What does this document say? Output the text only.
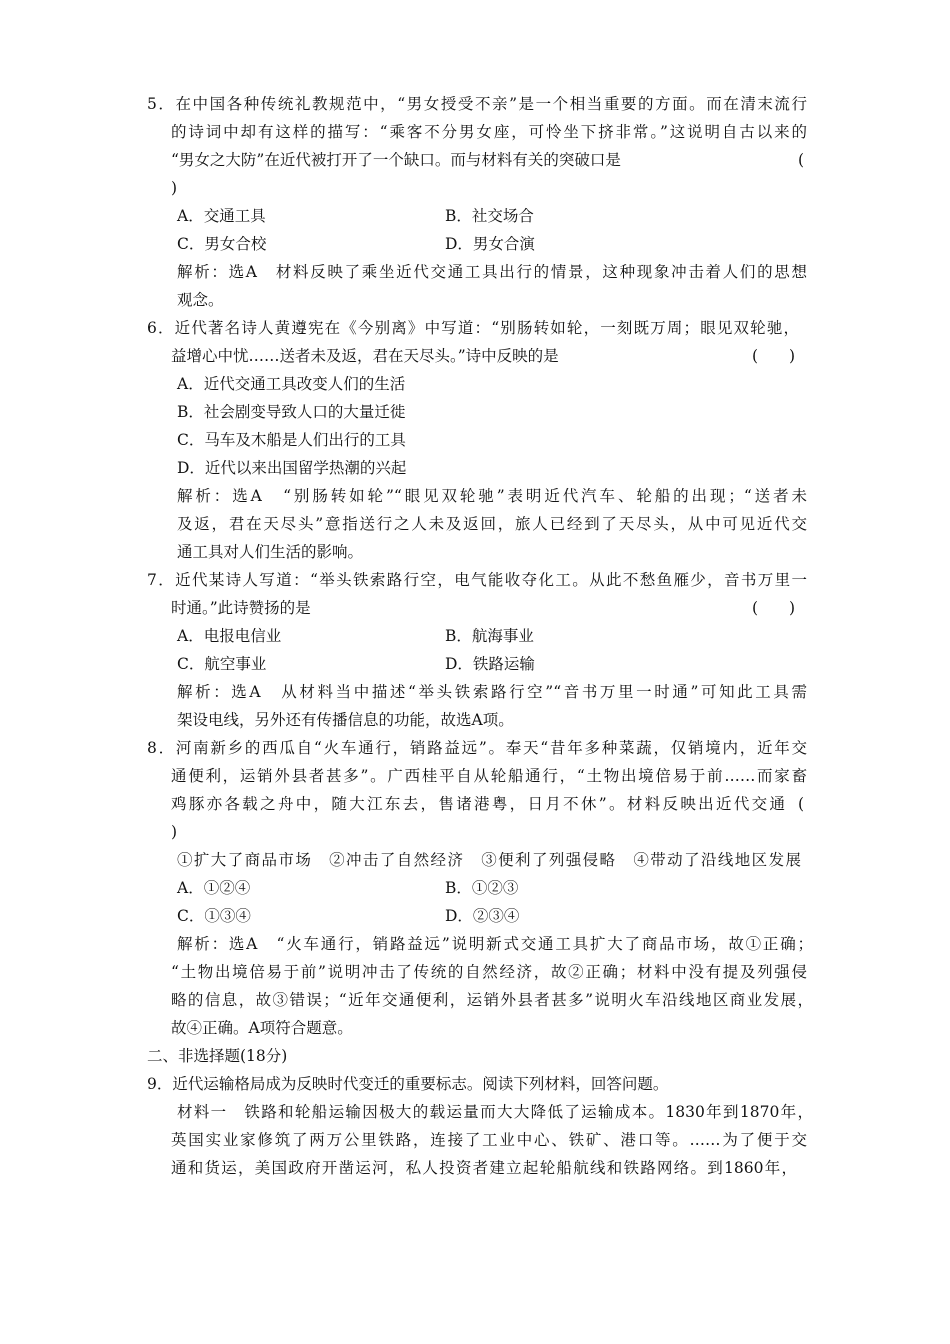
5．在中国各种传统礼教规范中，“男女授受不亲”是一个相当重要的方面。而在清末流行
的诗词中却有这样的描写：“乘客不分男女座，可怜坐下挤非常。”这说明自古以来的
“男女之大防”在近代被打开了一个缺口。而与材料有关的突破口是	(
)
A．交通工具	B．社交场合
C．男女合校	D．男女合演
解析：选A　材料反映了乘坐近代交通工具出行的情景，这种现象冲击着人们的思想
观念。
6．近代著名诗人黄遵宪在《今别离》中写道：“别肠转如轮，一刻既万周；眼见双轮驰，
益增心中忧……送者未及返，君在天尽头。”诗中反映的是	(　　)
A．近代交通工具改变人们的生活
B．社会剧变导致人口的大量迁徙
C．马车及木船是人们出行的工具
D．近代以来出国留学热潮的兴起
解析：选A　“别肠转如轮”“眼见双轮驰”表明近代汽车、轮船的出现；“送者未
及返，君在天尽头”意指送行之人未及返回，旅人已经到了天尽头，从中可见近代交
通工具对人们生活的影响。
7．近代某诗人写道：“举头铁索路行空，电气能收夺化工。从此不愁鱼雁少，音书万里一
时通。”此诗赞扬的是	(　　)
A．电报电信业	B．航海事业
C．航空事业	D．铁路运输
解析：选A　从材料当中描述“举头铁索路行空”“音书万里一时通”可知此工具需
架设电线，另外还有传播信息的功能，故选A项。
8．河南新乡的西瓜自“火车通行，销路益远”。奉天“昔年多种菜蔬，仅销境内，近年交
通便利，运销外县者甚多”。广西桂平自从轮船通行，“土物出境倍易于前……而家畜
鸡豚亦各载之舟中，随大江东去，售诸港粤，日月不休”。材料反映出近代交通 (
)
①扩大了商品市场　②冲击了自然经济　③便利了列强侵略　④带动了沿线地区发展
A．①②④	B．①②③
C．①③④	D．②③④
解析：选A　“火车通行，销路益远”说明新式交通工具扩大了商品市场，故①正确；
“土物出境倍易于前”说明冲击了传统的自然经济，故②正确；材料中没有提及列强侵
略的信息，故③错误；“近年交通便利，运销外县者甚多”说明火车沿线地区商业发展，
故④正确。A项符合题意。
二、非选择题(18分)
9．近代运输格局成为反映时代变迁的重要标志。阅读下列材料，回答问题。
材料一　铁路和轮船运输因极大的载运量而大大降低了运输成本。1830年到1870年，
英国实业家修筑了两万公里铁路，连接了工业中心、铁矿、港口等。……为了便于交
通和货运，美国政府开凿运河，私人投资者建立起轮船航线和铁路网络。到1860年，
